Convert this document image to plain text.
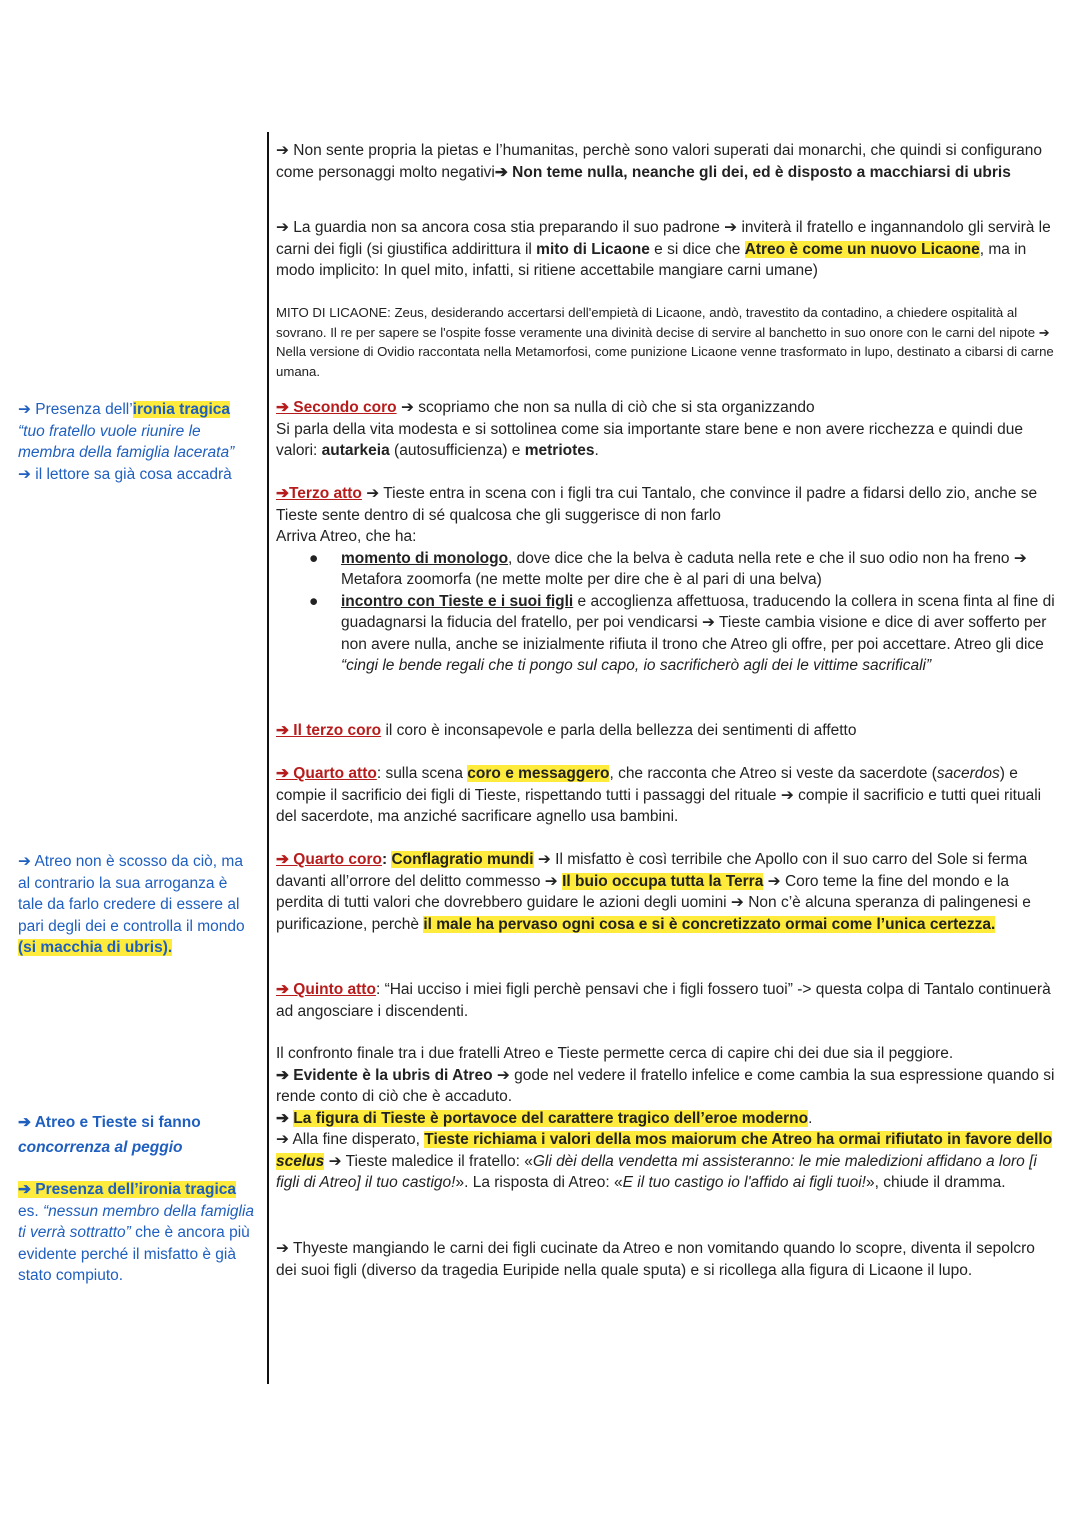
➔ Presenza dell’ironia tragica
“tuo fratello vuole riunire le membra della famiglia lacerata”
➔ il lettore sa già cosa accadrà
➔ Atreo non è scosso da ciò, ma al contrario la sua arroganza è tale da farlo credere di essere al pari degli dei e controlla il mondo (si macchia di ubris).
➔ Atreo e Tieste si fanno
concorrenza al peggio
➔ Presenza dell’ironia tragica
es. “nessun membro della famiglia ti verrà sottratto” che è ancora più evidente perché il misfatto è già stato compiuto.
➔ Non sente propria la pietas e l’humanitas, perchè sono valori superati dai monarchi, che quindi si configurano come personaggi molto negativi➔ Non teme nulla, neanche gli dei, ed è disposto a macchiarsi di ubris
➔ La guardia non sa ancora cosa stia preparando il suo padrone ➔ inviterà il fratello e ingannandolo gli servirà le carni dei figli (si giustifica addirittura il mito di Licaone e si dice che Atreo è come un nuovo Licaone, ma in modo implicito: In quel mito, infatti, si ritiene accettabile mangiare carni umane)
MITO DI LICAONE: Zeus, desiderando accertarsi dell'empietà di Licaone, andò, travestito da contadino, a chiedere ospitalità al sovrano. Il re per sapere se l'ospite fosse veramente una divinità decise di servire al banchetto in suo onore con le carni del nipote ➔ Nella versione di Ovidio raccontata nella Metamorfosi, come punizione Licaone venne trasformato in lupo, destinato a cibarsi di carne umana.
➔ Secondo coro ➔ scopriamo che non sa nulla di ciò che si sta organizzando
Si parla della vita modesta e si sottolinea come sia importante stare bene e non avere ricchezza e quindi due valori: autarkeia (autosufficienza) e metriotes.
➔Terzo atto ➔ Tieste entra in scena con i figli tra cui Tantalo, che convince il padre a fidarsi dello zio, anche se Tieste sente dentro di sé qualcosa che gli suggerisce di non farlo
Arriva Atreo, che ha:
● momento di monologo, dove dice che la belva è caduta nella rete e che il suo odio non ha freno ➔ Metafora zoomorfa (ne mette molte per dire che è al pari di una belva)
● incontro con Tieste e i suoi figli e accoglienza affettuosa, traducendo la collera in scena finta al fine di guadagnarsi la fiducia del fratello, per poi vendicarsi ➔ Tieste cambia visione e dice di aver sofferto per non avere nulla, anche se inizialmente rifiuta il trono che Atreo gli offre, per poi accettare. Atreo gli dice “cingi le bende regali che ti pongo sul capo, io sacrificherò agli dei le vittime sacrificali”
➔ Il terzo coro il coro è inconsapevole e parla della bellezza dei sentimenti di affetto
➔ Quarto atto: sulla scena coro e messaggero, che racconta che Atreo si veste da sacerdote (sacerdos) e compie il sacrificio dei figli di Tieste, rispettando tutti i passaggi del rituale ➔ compie il sacrificio e tutti quei rituali del sacerdote, ma anziché sacrificare agnello usa bambini.
➔ Quarto coro: Conflagratio mundi ➔ Il misfatto è così terribile che Apollo con il suo carro del Sole si ferma davanti all’orrore del delitto commesso ➔ Il buio occupa tutta la Terra ➔ Coro teme la fine del mondo e la perdita di tutti valori che dovrebbero guidare le azioni degli uomini ➔ Non c’è alcuna speranza di palingenesi e purificazione, perchè il male ha pervaso ogni cosa e si è concretizzato ormai come l’unica certezza.
➔ Quinto atto: “Hai ucciso i miei figli perchè pensavi che i figli fossero tuoi” -> questa colpa di Tantalo continuerà ad angosciare i discendenti.
Il confronto finale tra i due fratelli Atreo e Tieste permette cerca di capire chi dei due sia il peggiore.
➔ Evidente è la ubris di Atreo ➔ gode nel vedere il fratello infelice e come cambia la sua espressione quando si rende conto di ciò che è accaduto.
➔ La figura di Tieste è portavoce del carattere tragico dell’eroe moderno.
➔ Alla fine disperato, Tieste richiama i valori della mos maiorum che Atreo ha ormai rifiutato in favore dello scelus ➔ Tieste maledice il fratello: «Gli dèi della vendetta mi assisteranno: le mie maledizioni affidano a loro [i figli di Atreo] il tuo castigo!». La risposta di Atreo: «E il tuo castigo io l'affido ai figli tuoi!», chiude il dramma.
➔ Thyeste mangiando le carni dei figli cucinate da Atreo e non vomitando quando lo scopre, diventa il sepolcro dei suoi figli (diverso da tragedia Euripide nella quale sputa) e si ricollega alla figura di Licaone il lupo.
